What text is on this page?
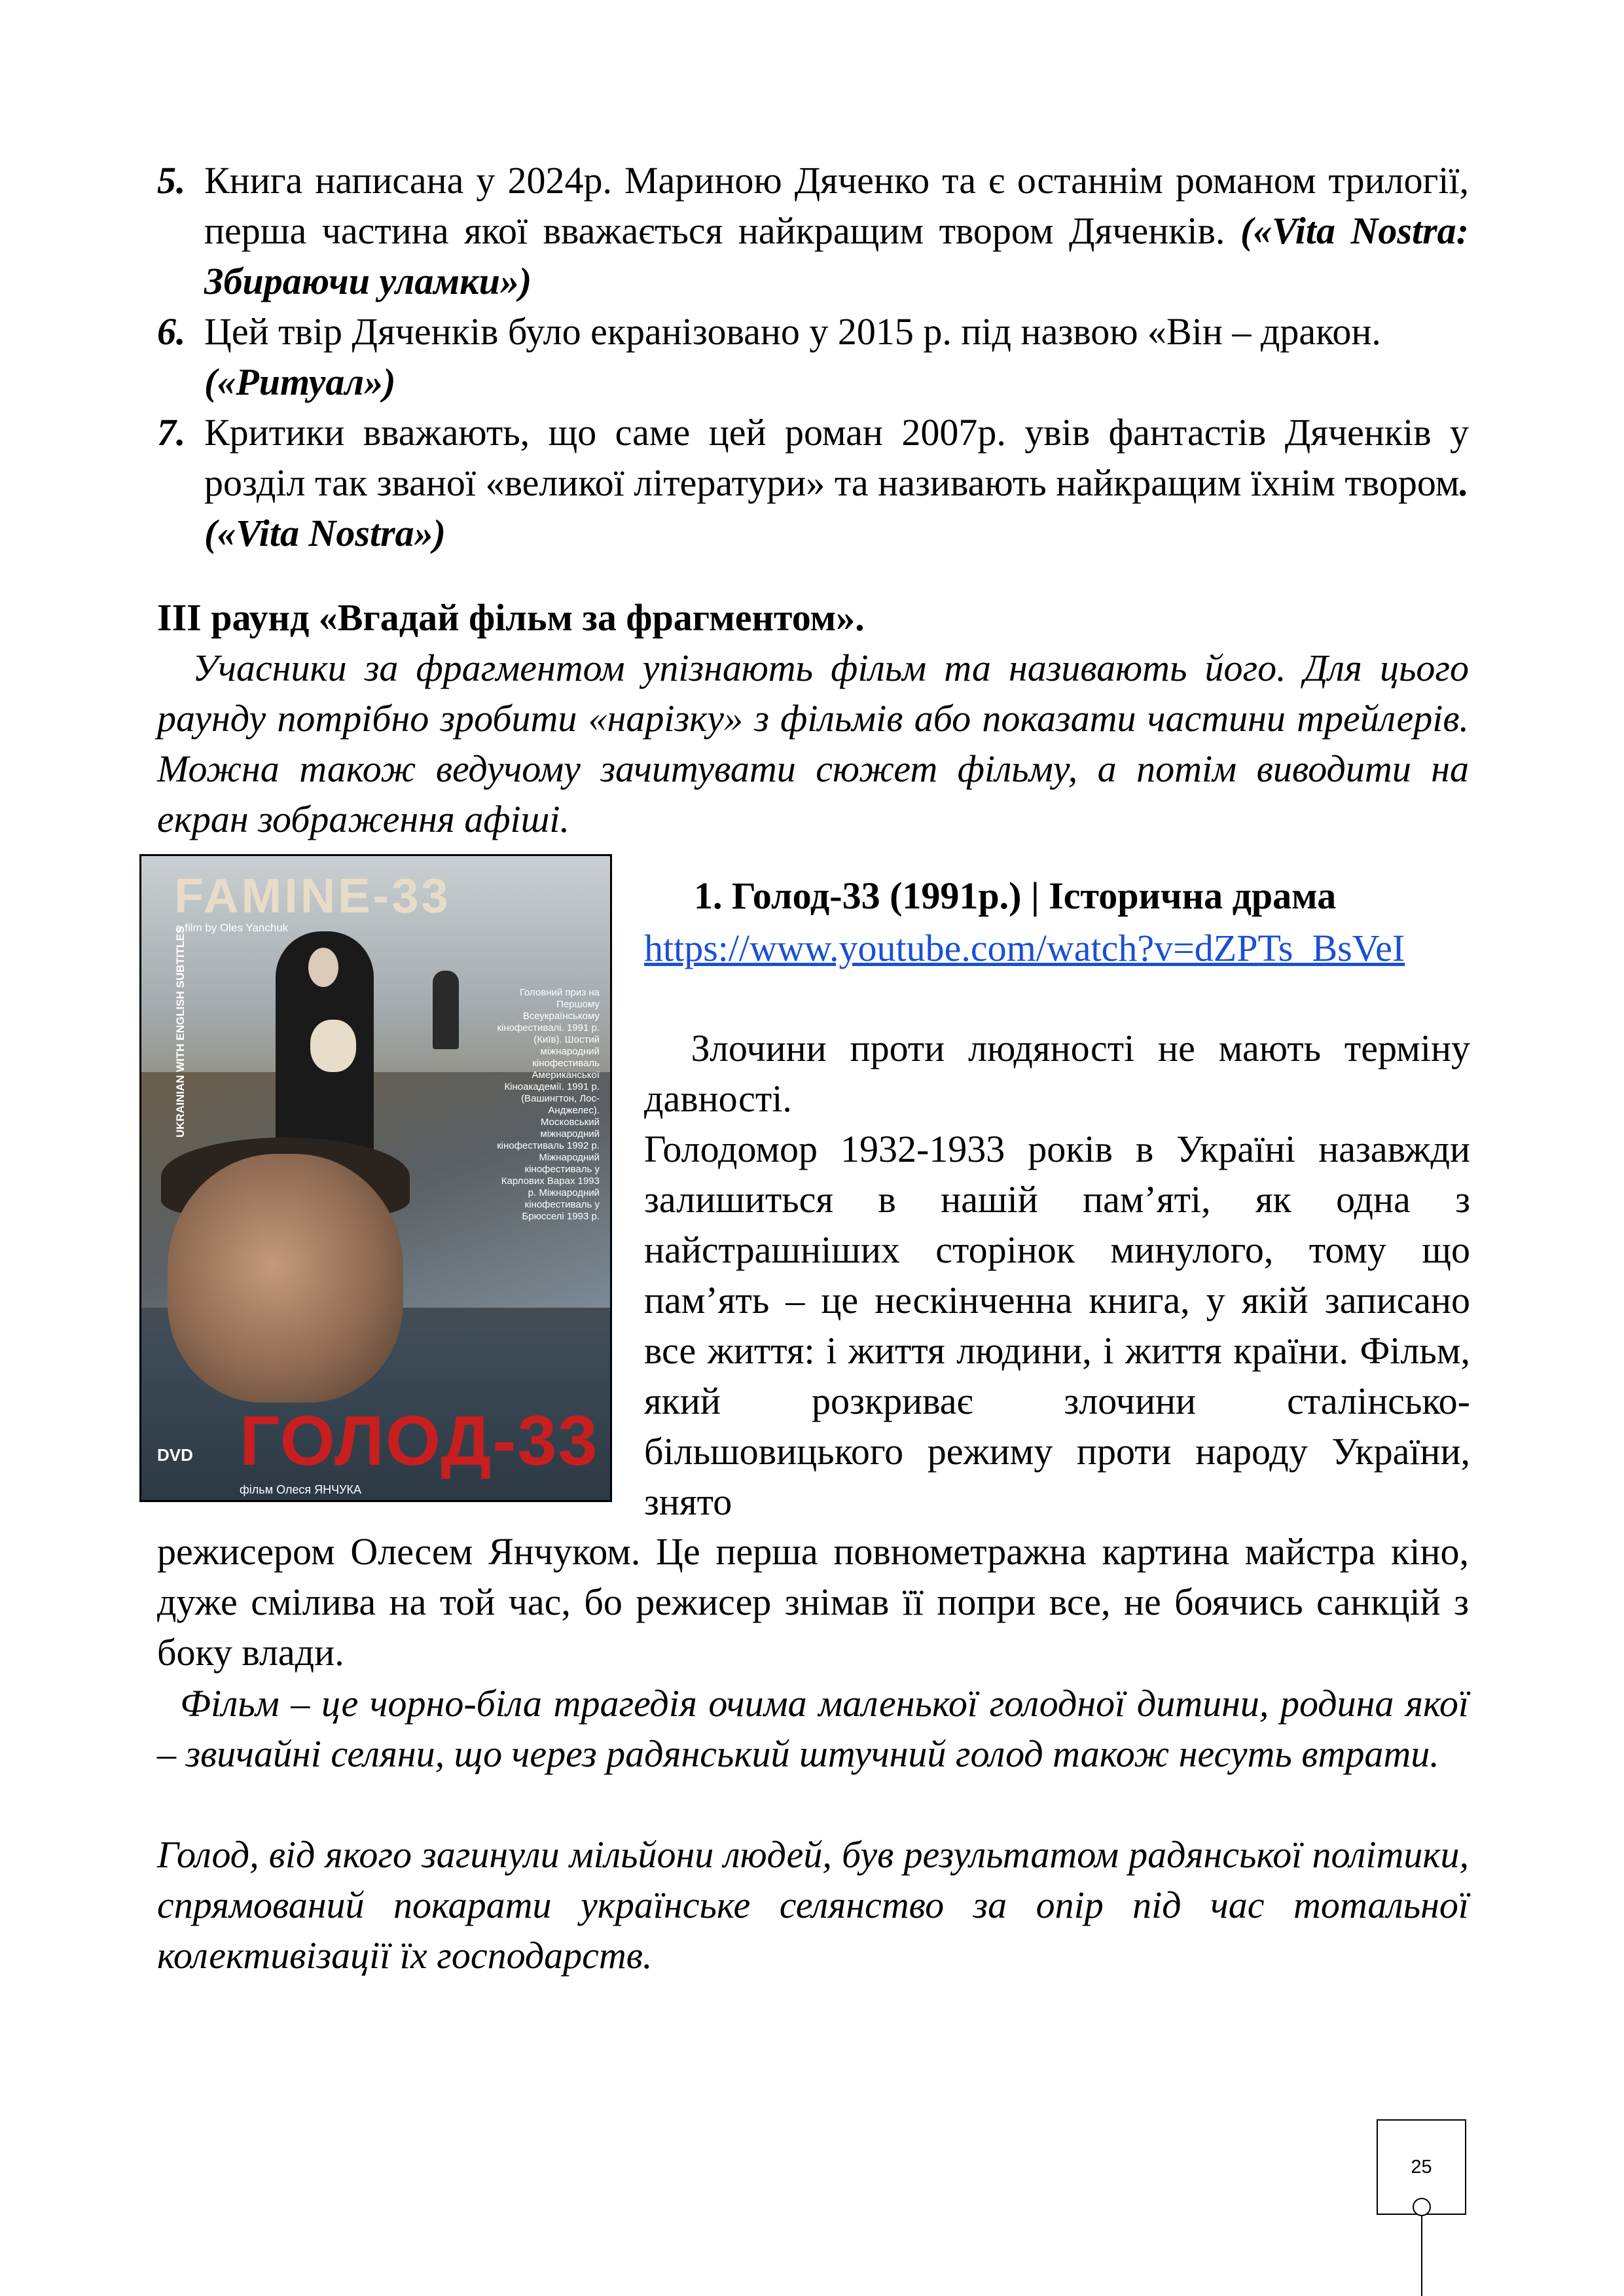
5. Книга написана у 2024р. Мариною Дяченко та є останнім романом трилогії, перша частина якої вважається найкращим твором Дяченків. («Vita Nostra: Збираючи уламки»)
6. Цей твір Дяченків було екранізовано у 2015 р. під назвою «Він – дракон. («Ритуал»)
7. Критики вважають, що саме цей роман 2007р. увів фантастів Дяченків у розділ так званої «великої літератури» та називають найкращим їхнім твором. («Vita Nostra»)
ІІІ раунд «Вгадай фільм за фрагментом».
Учасники за фрагментом упізнають фільм та називають його. Для цього раунду потрібно зробити «нарізку» з фільмів або показати частини трейлерів. Можна також ведучому зачитувати сюжет фільму, а потім виводити на екран зображення афіші.
FAMINE-33
a film by Oles Yanchuk
UKRAINIAN WITH ENGLISH SUBTITLES	Головний приз на Першому Всеукраїнському кінофестивалі. 1991 р. (Київ). Шостий міжнародний кінофестиваль Американської Кіноакадемії. 1991 р. (Вашингтон, Лос-Анджелес). Московський міжнародний кінофестиваль 1992 р. Міжнародний кінофестиваль у Карлових Варах 1993 р. Міжнародний кінофестиваль у Брюсселі 1993 р.
ГОЛОД-33
DVD
фільм Олеся ЯНЧУКА
1. Голод-33 (1991р.) | Історична драма
https://www.youtube.com/watch?v=dZPTs_BsVeI
Злочини проти людяності не мають терміну давності.
Голодомор 1932-1933 років в Україні назавжди залишиться в нашій пам’яті, як одна з найстрашніших сторінок минулого, тому що пам’ять – це нескінченна книга, у якій записано все життя: і життя людини, і життя країни. Фільм, який розкриває злочини сталінсько-більшовицького режиму проти народу України, знято
режисером Олесем Янчуком. Це перша повнометражна картина майстра кіно, дуже смілива на той час, бо режисер знімав її попри все, не боячись санкцій з боку влади.
Фільм – це чорно-біла трагедія очима маленької голодної дитини, родина якої – звичайні селяни, що через радянський штучний голод також несуть втрати.
Голод, від якого загинули мільйони людей, був результатом радянської політики, спрямований покарати українське селянство за опір під час тотальної колективізації їх господарств.
25
